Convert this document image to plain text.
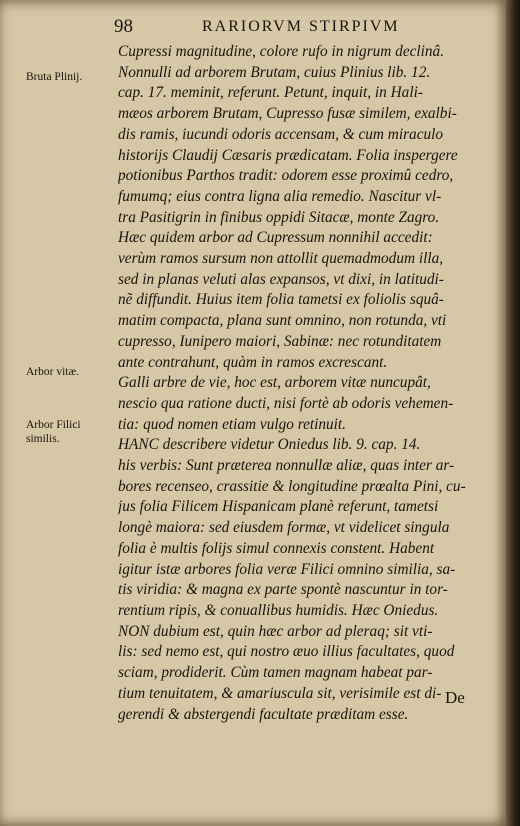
98	RARIORVM STIRPIVM
Bruta Plinij.
Arbor vitæ.
Arbor Filici similis.
Cupressi magnitudine, colore rufo in nigrum declinâ.
Nonnulli ad arborem Brutam, cuius Plinius lib. 12.
cap. 17. meminit, referunt. Petunt, inquit, in Hali-
mæos arborem Brutam, Cupresso fusæ similem, exalbi-
dis ramis, iucundi odoris accensam, & cum miraculo
historijs Claudij Cæsaris prædicatam. Folia inspergere
potionibus Parthos tradit: odorem esse proximû cedro,
fumumq; eius contra ligna alia remedio. Nascitur vl-
tra Pasitigrin in finibus oppidi Sitacæ, monte Zagro.
Hæc quidem arbor ad Cupressum nonnihil accedit:
verùm ramos sursum non attollit quemadmodum illa,
sed in planas veluti alas expansos, vt dixi, in latitudi-
nẽ diffundit. Huius item folia tametsi ex foliolis squâ-
matim compacta, plana sunt omnino, non rotunda, vti
cupresso, Iunipero maiori, Sabinæ: nec rotunditatem
ante contrahunt, quàm in ramos excrescant.
Galli arbre de vie, hoc est, arborem vitæ nuncupât,
nescio qua ratione ducti, nisi fortè ab odoris vehemen-
tia: quod nomen etiam vulgo retinuit.
HANC describere videtur Oniedus lib. 9. cap. 14.
his verbis: Sunt præterea nonnullæ aliæ, quas inter ar-
bores recenseo, crassitie & longitudine prœalta Pini, cu-
jus folia Filicem Hispanicam planè referunt, tametsi
longè maiora: sed eiusdem formæ, vt videlicet singula
folia è multis folijs simul connexis constent. Habent
igitur istæ arbores folia veræ Filici omnino similia, sa-
tis viridia: & magna ex parte spontè nascuntur in tor-
rentium ripis, & conuallibus humidis. Hæc Oniedus.
NON dubium est, quin hæc arbor ad pleraq; sit vti-
lis: sed nemo est, qui nostro æuo illius facultates, quod
sciam, prodiderit. Cùm tamen magnam habeat par-
tium tenuitatem, & amariuscula sit, verisimile est di-
gerendi & abstergendi facultate præditam esse.
De
